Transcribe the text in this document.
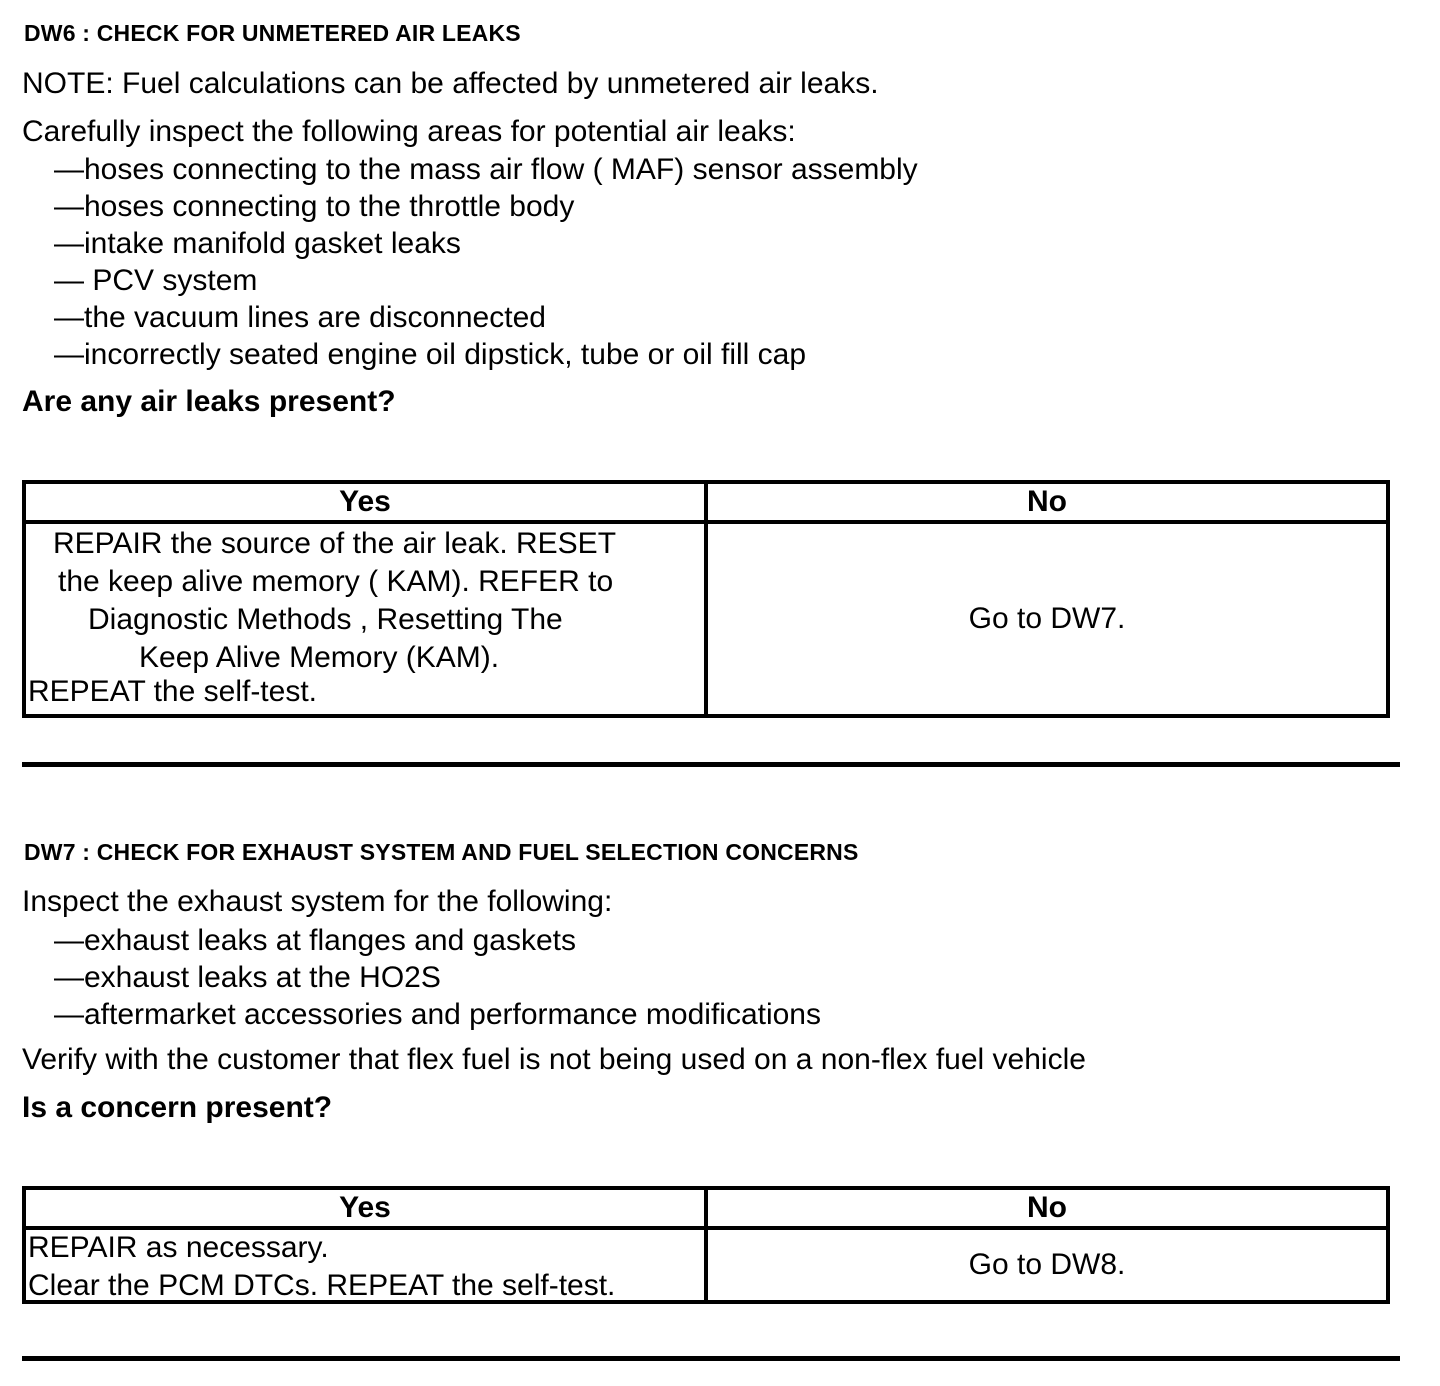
DW6 : CHECK FOR UNMETERED AIR LEAKS
NOTE: Fuel calculations can be affected by unmetered air leaks.
Carefully inspect the following areas for potential air leaks:
—hoses connecting to the mass air flow ( MAF) sensor assembly
—hoses connecting to the throttle body
—intake manifold gasket leaks
— PCV system
—the vacuum lines are disconnected
—incorrectly seated engine oil dipstick, tube or oil fill cap
Are any air leaks present?
Yes	No

REPAIR the source of the air leak. RESET
the keep alive memory ( KAM). REFER to
Diagnostic Methods , Resetting The
Keep Alive Memory (KAM).
REPEAT the self-test.	Go to DW7.
DW7 : CHECK FOR EXHAUST SYSTEM AND FUEL SELECTION CONCERNS
Inspect the exhaust system for the following:
—exhaust leaks at flanges and gaskets
—exhaust leaks at the HO2S
—aftermarket accessories and performance modifications
Verify with the customer that flex fuel is not being used on a non-flex fuel vehicle
Is a concern present?
Yes	No

REPAIR as necessary.
Clear the PCM DTCs. REPEAT the self-test.	Go to DW8.
